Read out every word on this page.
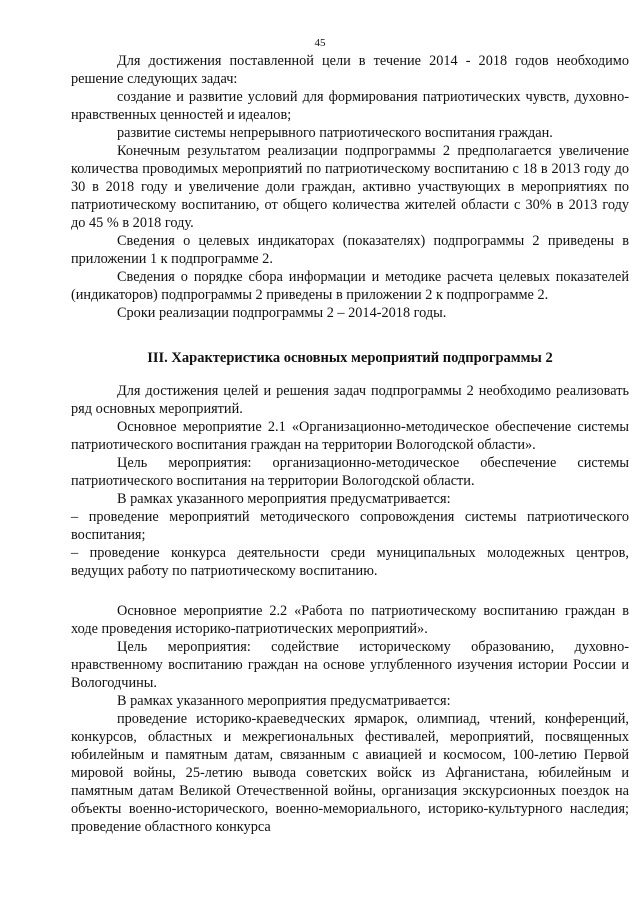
45

Для достижения поставленной цели в течение 2014 - 2018 годов необходимо решение следующих задач:

создание и развитие условий для формирования патриотических чувств, духовно-нравственных ценностей и идеалов;

развитие системы непрерывного патриотического воспитания граждан.

Конечным результатом реализации подпрограммы 2 предполагается увеличение количества проводимых мероприятий по патриотическому воспитанию с 18 в 2013 году до 30 в 2018 году и увеличение доли граждан, активно участвующих в мероприятиях по патриотическому воспитанию, от общего количества жителей области с 30% в 2013 году до 45 % в 2018 году.

Сведения о целевых индикаторах (показателях) подпрограммы 2 приведены в приложении 1 к подпрограмме 2.

Сведения о порядке сбора информации и методике расчета целевых показателей (индикаторов) подпрограммы 2 приведены в приложении 2 к подпрограмме 2.

Сроки реализации подпрограммы 2 – 2014-2018 годы.

III. Характеристика основных мероприятий подпрограммы 2

Для достижения целей и решения задач подпрограммы 2 необходимо реализовать ряд основных мероприятий.

Основное мероприятие 2.1 «Организационно-методическое обеспечение системы патриотического воспитания граждан на территории Вологодской области».

Цель мероприятия: организационно-методическое обеспечение системы патриотического воспитания на территории Вологодской области.

В рамках указанного мероприятия предусматривается:

– проведение мероприятий методического сопровождения системы патриотического воспитания;

– проведение конкурса деятельности среди муниципальных молодежных центров, ведущих работу по патриотическому воспитанию.

Основное мероприятие 2.2 «Работа по патриотическому воспитанию граждан в ходе проведения историко-патриотических мероприятий».

Цель мероприятия: содействие историческому образованию, духовно-нравственному воспитанию граждан на основе углубленного изучения истории России и Вологодчины.

В рамках указанного мероприятия предусматривается:

проведение историко-краеведческих ярмарок, олимпиад, чтений, конференций, конкурсов, областных и межрегиональных фестивалей, мероприятий, посвященных юбилейным и памятным датам, связанным с авиацией и космосом, 100-летию Первой мировой войны, 25-летию вывода советских войск из Афганистана, юбилейным и памятным датам Великой Отечественной войны, организация экскурсионных поездок на объекты военно-исторического, военно-мемориального, историко-культурного наследия; проведение областного конкурса
